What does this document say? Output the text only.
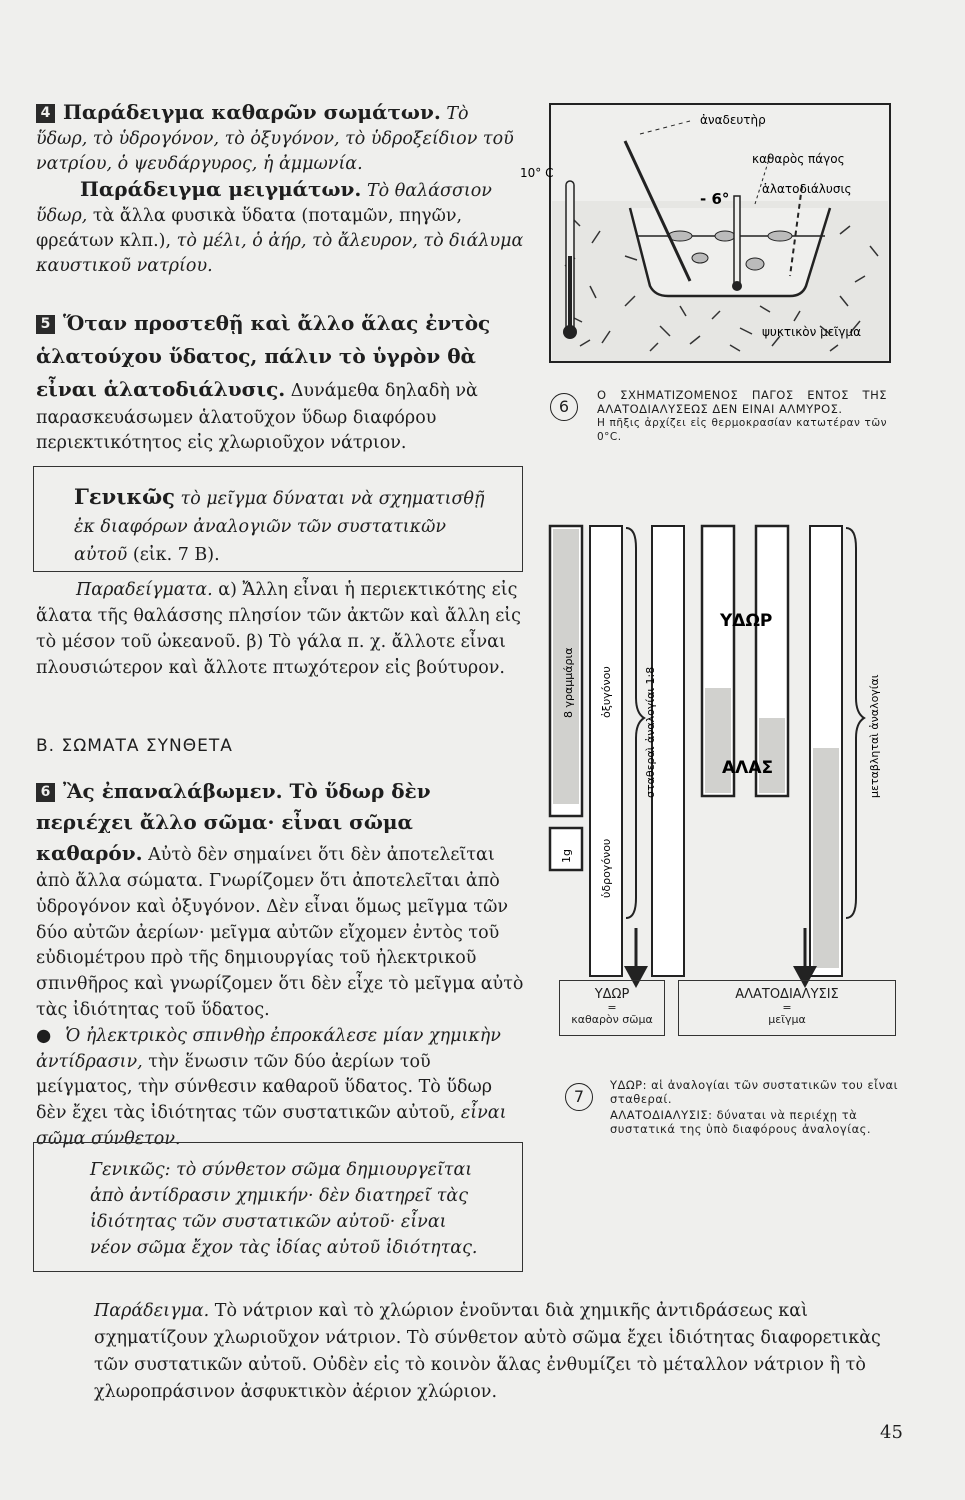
4 Παράδειγμα καθαρῶν σωμάτων. Τὸ ὕδωρ, τὸ ὑδρογόνον, τὸ ὀξυγόνον, τὸ ὑδροξείδιον τοῦ νατρίου, ὁ ψευδάργυρος, ἡ ἀμμωνία.
Παράδειγμα μειγμάτων. Τὸ θαλάσσιον ὕδωρ, τὰ ἄλλα φυσικὰ ὕδατα (ποταμῶν, πηγῶν, φρεάτων κλπ.), τὸ μέλι, ὁ ἀήρ, τὸ ἄλευρον, τὸ διάλυμα καυστικοῦ νατρίου.
5 Ὅταν προστεθῇ καὶ ἄλλο ἅλας ἐντὸς ἁλατούχου ὕδατος, πάλιν τὸ ὑγρὸν θὰ εἶναι ἁλατοδιάλυσις. Δυνάμεθα δηλαδὴ νὰ παρασκευάσωμεν ἁλατοῦχον ὕδωρ διαφόρου περιεκτικότητος εἰς χλωριοῦχον νάτριον.
Γενικῶς τὸ μεῖγμα δύναται νὰ σχηματισθῇ ἐκ διαφόρων ἀναλογιῶν τῶν συστατικῶν αὐτοῦ (εἰκ. 7 Β).
Παραδείγματα. α) Ἄλλη εἶναι ἡ περιεκτικότης εἰς ἅλατα τῆς θαλάσσης πλησίον τῶν ἀκτῶν καὶ ἄλλη εἰς τὸ μέσον τοῦ ὠκεανοῦ. β) Τὸ γάλα π. χ. ἄλλοτε εἶναι πλουσιώτερον καὶ ἄλλοτε πτωχότερον εἰς βούτυρον.
Β. ΣΩΜΑΤΑ ΣΥΝΘΕΤΑ
6 Ἂς ἐπαναλάβωμεν. Τὸ ὕδωρ δὲν περιέχει ἄλλο σῶμα· εἶναι σῶμα καθαρόν. Αὐτὸ δὲν σημαίνει ὅτι δὲν ἀποτελεῖται ἀπὸ ἄλλα σώματα. Γνωρίζομεν ὅτι ἀποτελεῖται ἀπὸ ὑδρογόνον καὶ ὀξυγόνον. Δὲν εἶναι ὅμως μεῖγμα τῶν δύο αὐτῶν ἀερίων· μεῖγμα αὐτῶν εἴχομεν ἐντὸς τοῦ εὐδιομέτρου πρὸ τῆς δημιουργίας τοῦ ἠλεκτρικοῦ σπινθῆρος καὶ γνωρίζομεν ὅτι δὲν εἶχε τὸ μεῖγμα αὐτὸ τὰς ἰδιότητας τοῦ ὕδατος.
● Ὁ ἠλεκτρικὸς σπινθὴρ ἐπροκάλεσε μίαν χημικὴν ἀντίδρασιν, τὴν ἕνωσιν τῶν δύο ἀερίων τοῦ μείγματος, τὴν σύνθεσιν καθαροῦ ὕδατος. Τὸ ὕδωρ δὲν ἔχει τὰς ἰδιότητας τῶν συστατικῶν αὐτοῦ, εἶναι σῶμα σύνθετον.
Γενικῶς: τὸ σύνθετον σῶμα δημιουργεῖται ἀπὸ ἀντίδρασιν χημικήν· δὲν διατηρεῖ τὰς ἰδιότητας τῶν συστατικῶν αὐτοῦ· εἶναι νέον σῶμα ἔχον τὰς ἰδίας αὐτοῦ ἰδιότητας.
Παράδειγμα. Τὸ νάτριον καὶ τὸ χλώριον ἑνοῦνται διὰ χημικῆς ἀντιδράσεως καὶ σχηματίζουν χλωριοῦχον νάτριον. Τὸ σύνθετον αὐτὸ σῶμα ἔχει ἰδιότητας διαφορετικὰς τῶν συστατικῶν αὐτοῦ. Οὐδὲν εἰς τὸ κοινὸν ἅλας ἐνθυμίζει τὸ μέταλλον νάτριον ἢ τὸ χλωροπράσινον ἀσφυκτικὸν ἀέριον χλώριον.
ἀναδευτὴρ
10° C
- 6°
καθαρὸς πάγος
ἁλατοδιάλυσις
ψυκτικὸν μεῖγμα
6
Ο ΣΧΗΜΑΤΙΖΟΜΕΝΟΣ ΠΑΓΟΣ ΕΝΤΟΣ ΤΗΣ ΑΛΑΤΟΔΙΑΛΥΣΕΩΣ ΔΕΝ ΕΙΝΑΙ ΑΛΜΥΡΟΣ.
Η πῆξις ἀρχίζει εἰς θερμοκρασίαν κατωτέραν τῶν 0°C.
8 γραμμάρια ὀξυγόνου
1g ὑδρογόνου
σταθεραὶ ἀναλογίαι 1:8
ΥΔΩΡ
ΑΛΑΣ	μεταβληταὶ ἀναλογίαι
ΥΔΩΡ
=
καθαρὸν σῶμα
ΑΛΑΤΟΔΙΑΛΥΣΙΣ
=
μεῖγμα
7
ΥΔΩΡ: αἱ ἀναλογίαι τῶν συστατικῶν του εἶναι σταθεραί.
ΑΛΑΤΟΔΙΑΛΥΣΙΣ: δύναται νὰ περιέχῃ τὰ συστατικά της ὑπὸ διαφόρους ἀναλογίας.
45
